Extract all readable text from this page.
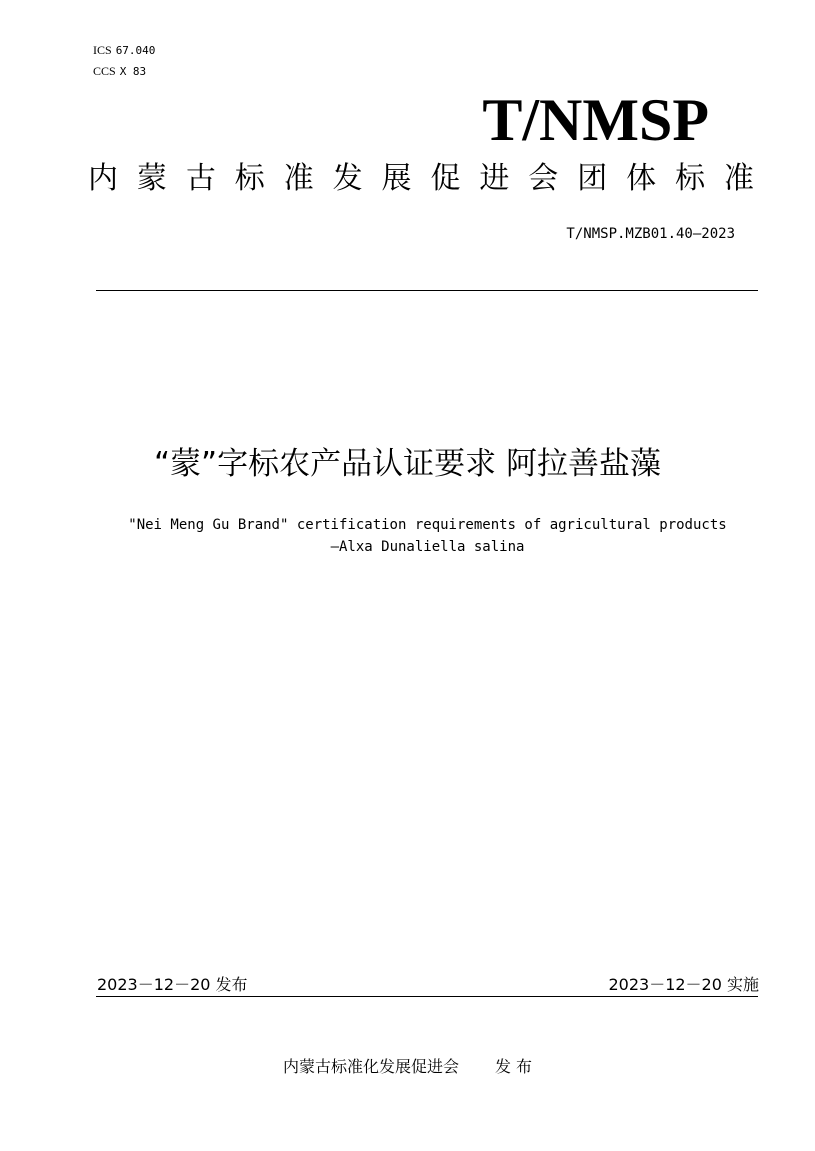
ICS 67.040
CCS X 83
T/NMSP
内 蒙 古 标 准 发 展 促 进 会 团 体 标 准
T/NMSP.MZB01.40—2023
“蒙”字标农产品认证要求 阿拉善盐藻
"Nei Meng Gu Brand" certification requirements of agricultural products
—Alxa Dunaliella salina
2023－12－20 发布	2023－12－20 实施
内蒙古标准化发展促进会 发 布
